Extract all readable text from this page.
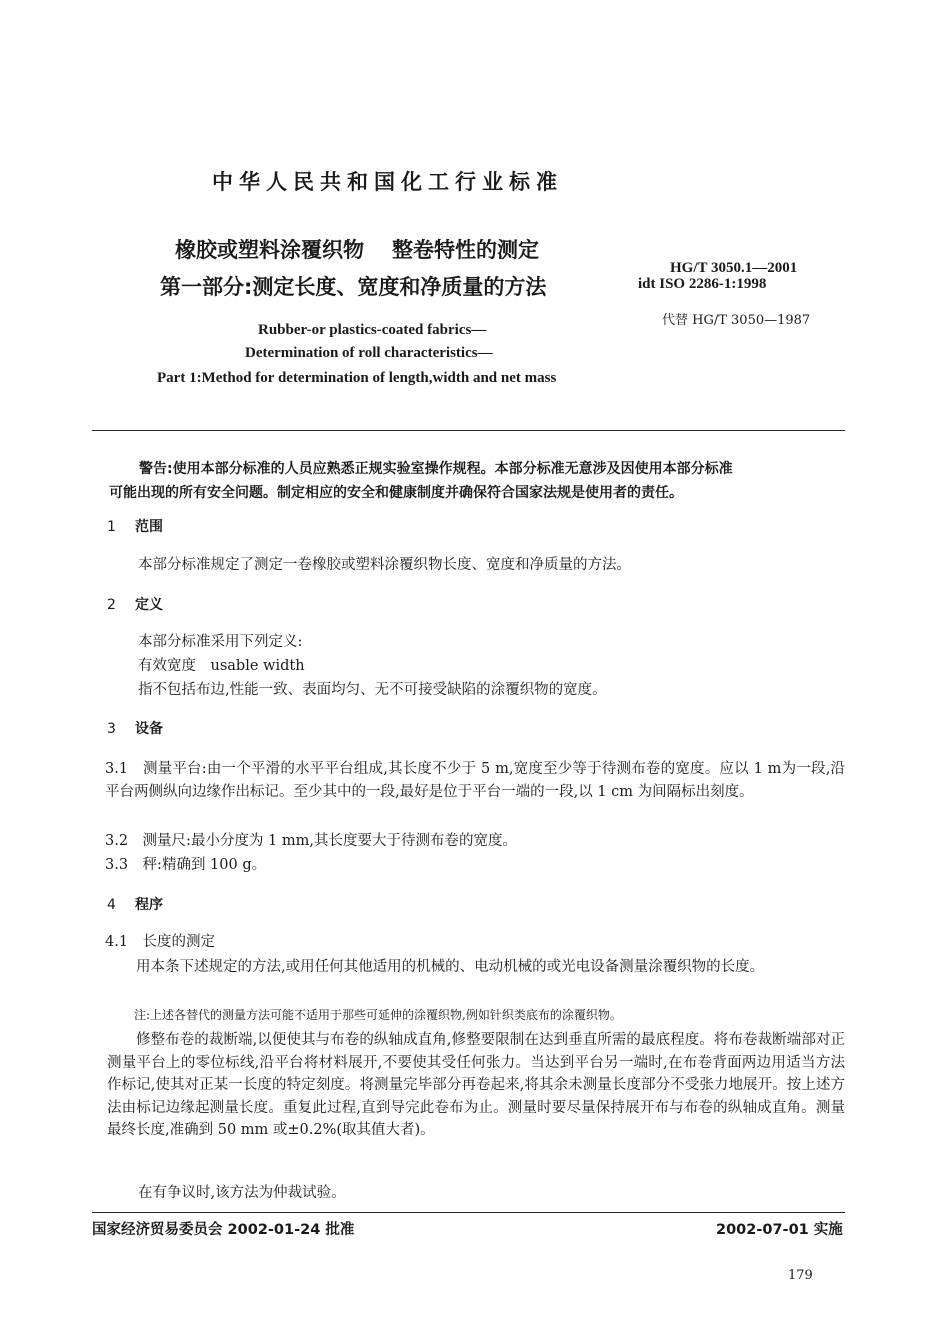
中华人民共和国化工行业标准
橡胶或塑料涂覆织物 整卷特性的测定
第一部分:测定长度、宽度和净质量的方法
HG/T 3050.1—2001
idt ISO 2286-1:1998
代替 HG/T 3050—1987
Rubber-or plastics-coated fabrics—
Determination of roll characteristics—
Part 1:Method for determination of length,width and net mass
警告:使用本部分标准的人员应熟悉正规实验室操作规程。本部分标准无意涉及因使用本部分标准
可能出现的所有安全问题。制定相应的安全和健康制度并确保符合国家法规是使用者的责任。
1 范围
本部分标准规定了测定一卷橡胶或塑料涂覆织物长度、宽度和净质量的方法。
2 定义
本部分标准采用下列定义:
有效宽度　usable width
指不包括布边,性能一致、表面均匀、无不可接受缺陷的涂覆织物的宽度。
3 设备
3.1　测量平台:由一个平滑的水平平台组成,其长度不少于 5 m,宽度至少等于待测布卷的宽度。应以 1 m为一段,沿平台两侧纵向边缘作出标记。至少其中的一段,最好是位于平台一端的一段,以 1 cm 为间隔标出刻度。
3.2　测量尺:最小分度为 1 mm,其长度要大于待测布卷的宽度。
3.3　秤:精确到 100 g。
4 程序
4.1　长度的测定
用本条下述规定的方法,或用任何其他适用的机械的、电动机械的或光电设备测量涂覆织物的长度。
注:上述各替代的测量方法可能不适用于那些可延伸的涂覆织物,例如针织类底布的涂覆织物。
修整布卷的裁断端,以便使其与布卷的纵轴成直角,修整要限制在达到垂直所需的最底程度。将布卷裁断端部对正测量平台上的零位标线,沿平台将材料展开,不要使其受任何张力。当达到平台另一端时,在布卷背面两边用适当方法作标记,使其对正某一长度的特定刻度。将测量完毕部分再卷起来,将其余未测量长度部分不受张力地展开。按上述方法由标记边缘起测量长度。重复此过程,直到导完此卷布为止。测量时要尽量保持展开布与布卷的纵轴成直角。测量最终长度,准确到 50 mm 或±0.2%(取其值大者)。
在有争议时,该方法为仲裁试验。
国家经济贸易委员会 2002-01-24 批准	2002-07-01 实施
179
